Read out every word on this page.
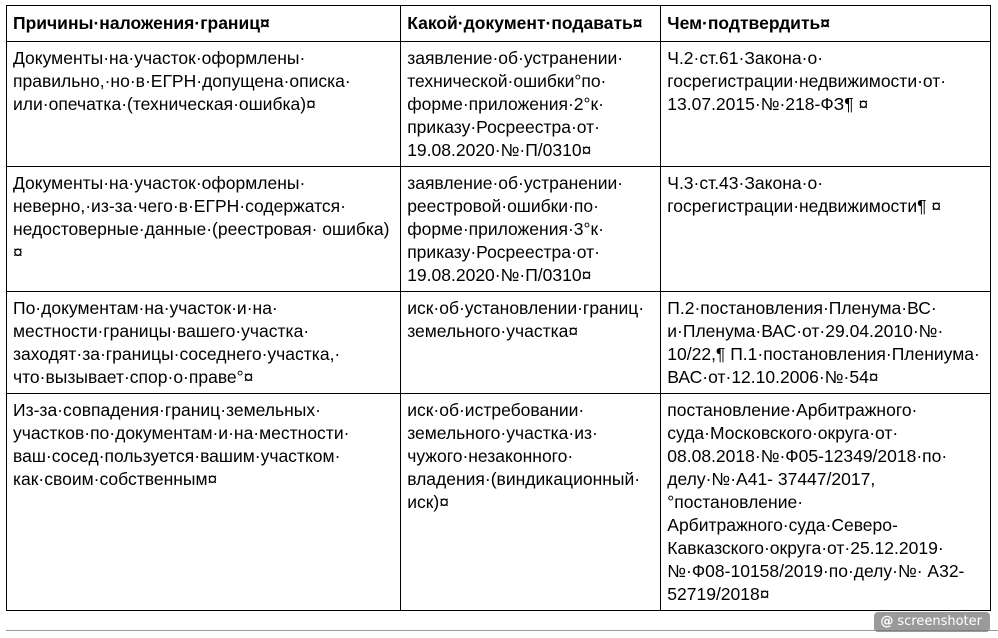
Причины·наложения·границ¤	Какой·документ·подавать¤	Чем·подтвердить¤
Документы·на·участок·оформлены· правильно,·но·в·ЕГРН·допущена·описка· или·опечатка·(техническая·ошибка)¤	заявление·об·устранении· технической·ошибки°по· форме·приложения·2°к· приказу·Росреестра·от· 19.08.2020·№·П/0310¤	Ч.2·ст.61·Закона·о· госрегистрации·недвижимости·от· 13.07.2015·№·218-ФЗ¶ ¤
Документы·на·участок·оформлены· неверно,·из-за·чего·в·ЕГРН·содержатся· недостоверные·данные·(реестровая· ошибка)¤	заявление·об·устранении· реестровой·ошибки·по· форме·приложения·3°к· приказу·Росреестра·от· 19.08.2020·№·П/0310¤	Ч.3·ст.43·Закона·о· госрегистрации·недвижимости¶ ¤
По·документам·на·участок·и·на· местности·границы·вашего·участка· заходят·за·границы·соседнего·участка,· что·вызывает·спор·о·праве°¤	иск·об·установлении·границ· земельного·участка¤	П.2·постановления·Пленума·ВС· и·Пленума·ВАС·от·29.04.2010·№· 10/22,¶ П.1·постановления·Плениума· ВАС·от·12.10.2006·№·54¤
Из-за·совпадения·границ·земельных· участков·по·документам·и·на·местности· ваш·сосед·пользуется·вашим·участком· как·своим·собственным¤	иск·об·истребовании· земельного·участка·из· чужого·незаконного· владения·(виндикационный· иск)¤	постановление·Арбитражного· суда·Московского·округа·от· 08.08.2018·№·Ф05-12349/2018·по· делу·№·А41- 37447/2017,°постановление· Арбитражного·суда·Северо- Кавказского·округа·от·25.12.2019· №·Ф08-10158/2019·по·делу·№· А32-52719/2018¤
@ screenshoter
